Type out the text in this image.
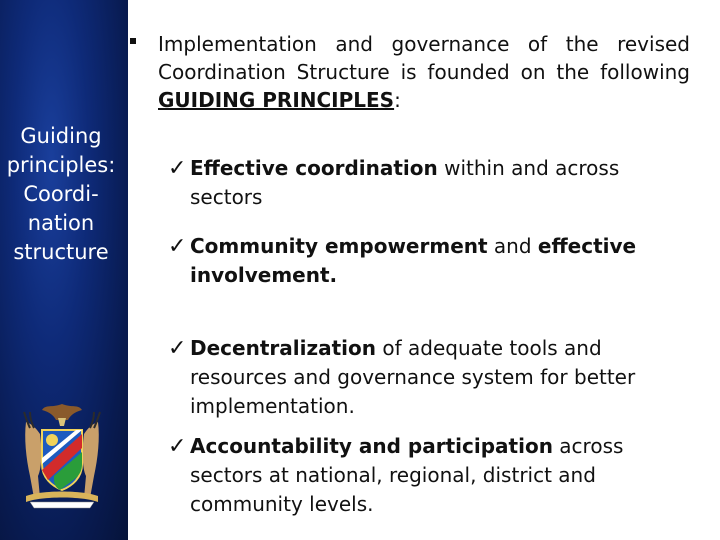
Guiding
principles:
Coordi-
nation
structure
Implementation and governance of the revised Coordination Structure is founded on the following GUIDING PRINCIPLES:
✓ Effective coordination within and across sectors
✓ Community empowerment and effective involvement.
✓ Decentralization of adequate tools and resources and governance system for better implementation.
✓ Accountability and participation across sectors at national, regional, district and community levels.
